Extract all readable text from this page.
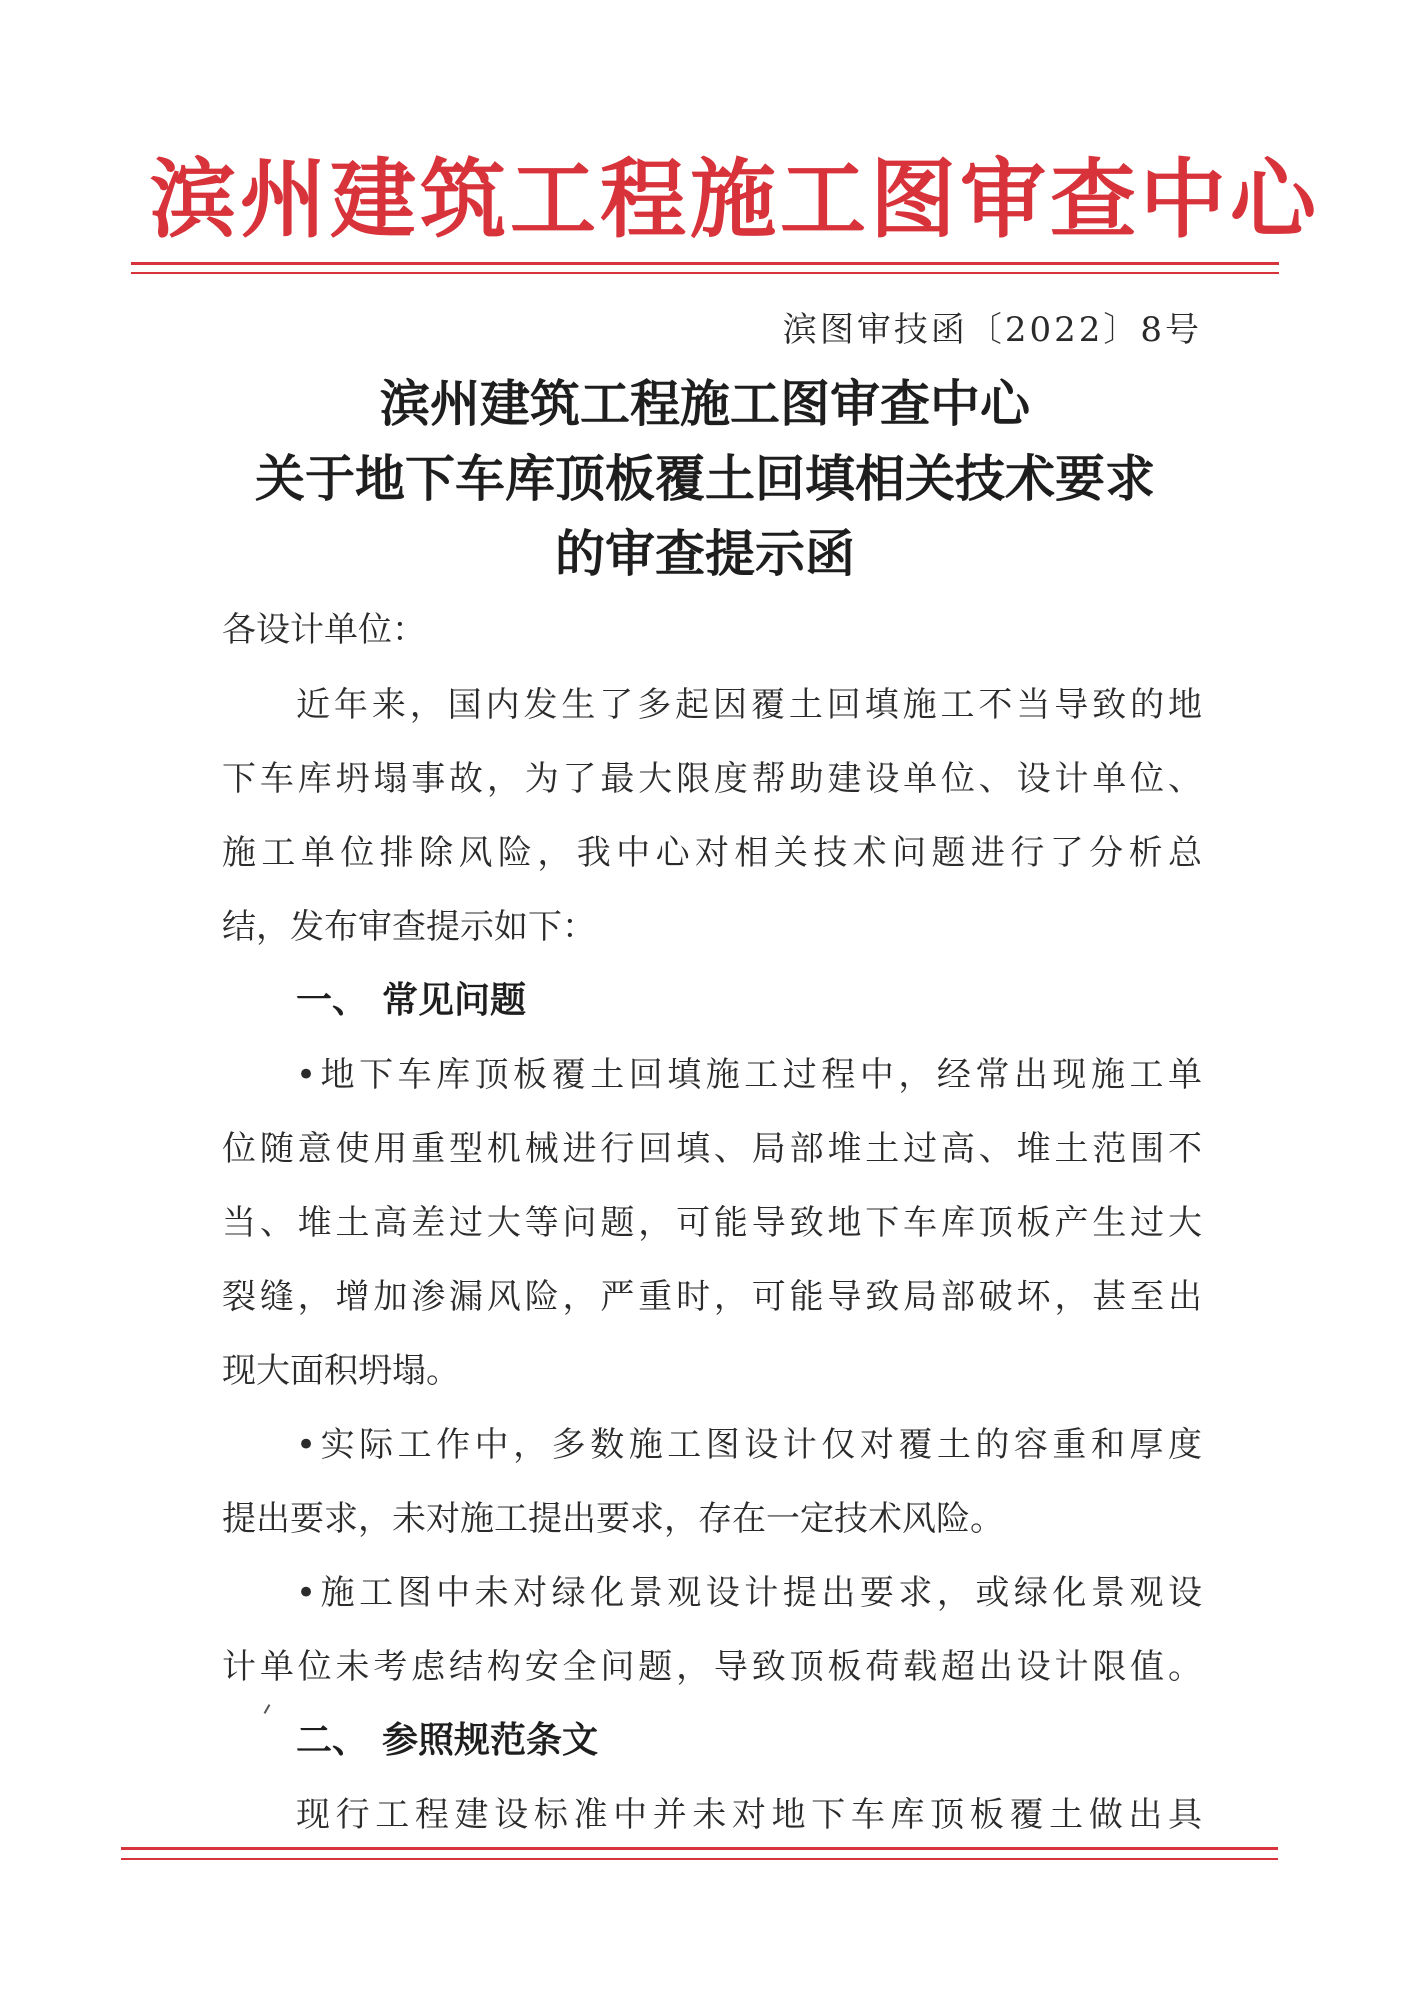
滨州建筑工程施工图审查中心
滨图审技函〔2022〕8号
滨州建筑工程施工图审查中心
关于地下车库顶板覆土回填相关技术要求
的审查提示函
各设计单位：
近年来，国内发生了多起因覆土回填施工不当导致的地
下车库坍塌事故，为了最大限度帮助建设单位、设计单位、
施工单位排除风险，我中心对相关技术问题进行了分析总
结，发布审查提示如下：
一、 常见问题
•地下车库顶板覆土回填施工过程中，经常出现施工单
位随意使用重型机械进行回填、局部堆土过高、堆土范围不
当、堆土高差过大等问题，可能导致地下车库顶板产生过大
裂缝，增加渗漏风险，严重时，可能导致局部破坏，甚至出
现大面积坍塌。
•实际工作中，多数施工图设计仅对覆土的容重和厚度
提出要求，未对施工提出要求，存在一定技术风险。
•施工图中未对绿化景观设计提出要求，或绿化景观设
计单位未考虑结构安全问题，导致顶板荷载超出设计限值。
二、 参照规范条文
现行工程建设标准中并未对地下车库顶板覆土做出具
